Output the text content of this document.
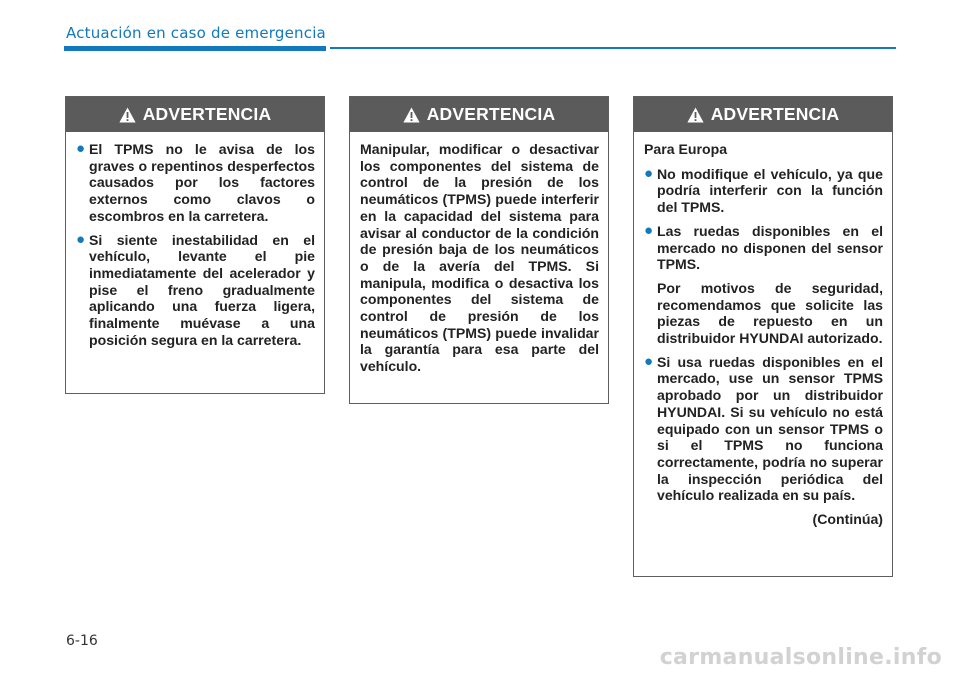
Actuación en caso de emergencia
ADVERTENCIA
● El TPMS no le avisa de los graves o repentinos desperfectos causados por los factores externos como clavos o escombros en la carretera.
● Si siente inestabilidad en el vehículo, levante el pie inmediatamente del acelerador y pise el freno gradualmente aplicando una fuerza ligera, finalmente muévase a una posición segura en la carretera.
ADVERTENCIA

Manipular, modificar o desactivar los componentes del sistema de control de la presión de los neumáticos (TPMS) puede interferir en la capacidad del sistema para avisar al conductor de la condición de presión baja de los neumáticos o de la avería del TPMS. Si manipula, modifica o desactiva los componentes del sistema de control de presión de los neumáticos (TPMS) puede invalidar la garantía para esa parte del vehículo.

ADVERTENCIA

Para Europa

● No modifique el vehículo, ya que podría interferir con la función del TPMS.
● Las ruedas disponibles en el mercado no disponen del sensor TPMS.

Por motivos de seguridad, recomendamos que solicite las piezas de repuesto en un distribuidor HYUNDAI autorizado.

● Si usa ruedas disponibles en el mercado, use un sensor TPMS aprobado por un distribuidor HYUNDAI. Si su vehículo no está equipado con un sensor TPMS o si el TPMS no funciona correctamente, podría no superar la inspección periódica del vehículo realizada en su país.

(Continúa)

6-16

carmanualsonline.info
